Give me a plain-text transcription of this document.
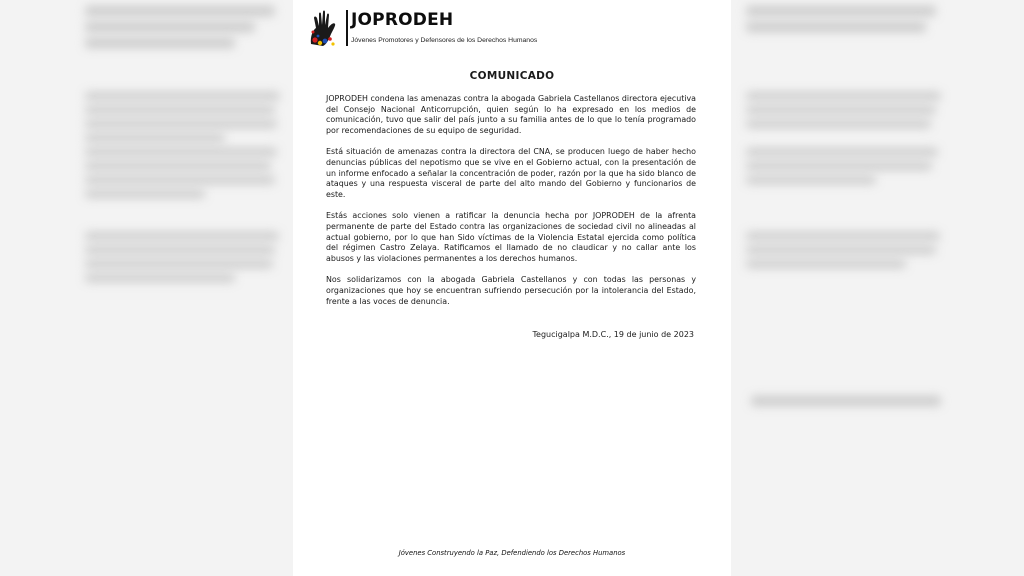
JOPRODEH
Jóvenes Promotores y Defensores de los Derechos Humanos
COMUNICADO

JOPRODEH condena las amenazas contra la abogada Gabriela Castellanos directora ejecutiva del Consejo Nacional Anticorrupción, quien según lo ha expresado en los medios de comunicación, tuvo que salir del país junto a su familia antes de lo que lo tenía programado por recomendaciones de su equipo de seguridad.

Está situación de amenazas contra la directora del CNA, se producen luego de haber hecho denuncias públicas del nepotismo que se vive en el Gobierno actual, con la presentación de un informe enfocado a señalar la concentración de poder, razón por la que ha sido blanco de ataques y una respuesta visceral de parte del alto mando del Gobierno y funcionarios de este.

Estás acciones solo vienen a ratificar la denuncia hecha por JOPRODEH de la afrenta permanente de parte del Estado contra las organizaciones de sociedad civil no alineadas al actual gobierno, por lo que han Sido víctimas de la Violencia Estatal ejercida como política del régimen Castro Zelaya. Ratificamos el llamado de no claudicar y no callar ante los abusos y las violaciones permanentes a los derechos humanos.

Nos solidarizamos con la abogada Gabriela Castellanos y con todas las personas y organizaciones que hoy se encuentran sufriendo persecución por la intolerancia del Estado, frente a las voces de denuncia.

Tegucigalpa M.D.C., 19 de junio de 2023
Jóvenes Construyendo la Paz, Defendiendo los Derechos Humanos
